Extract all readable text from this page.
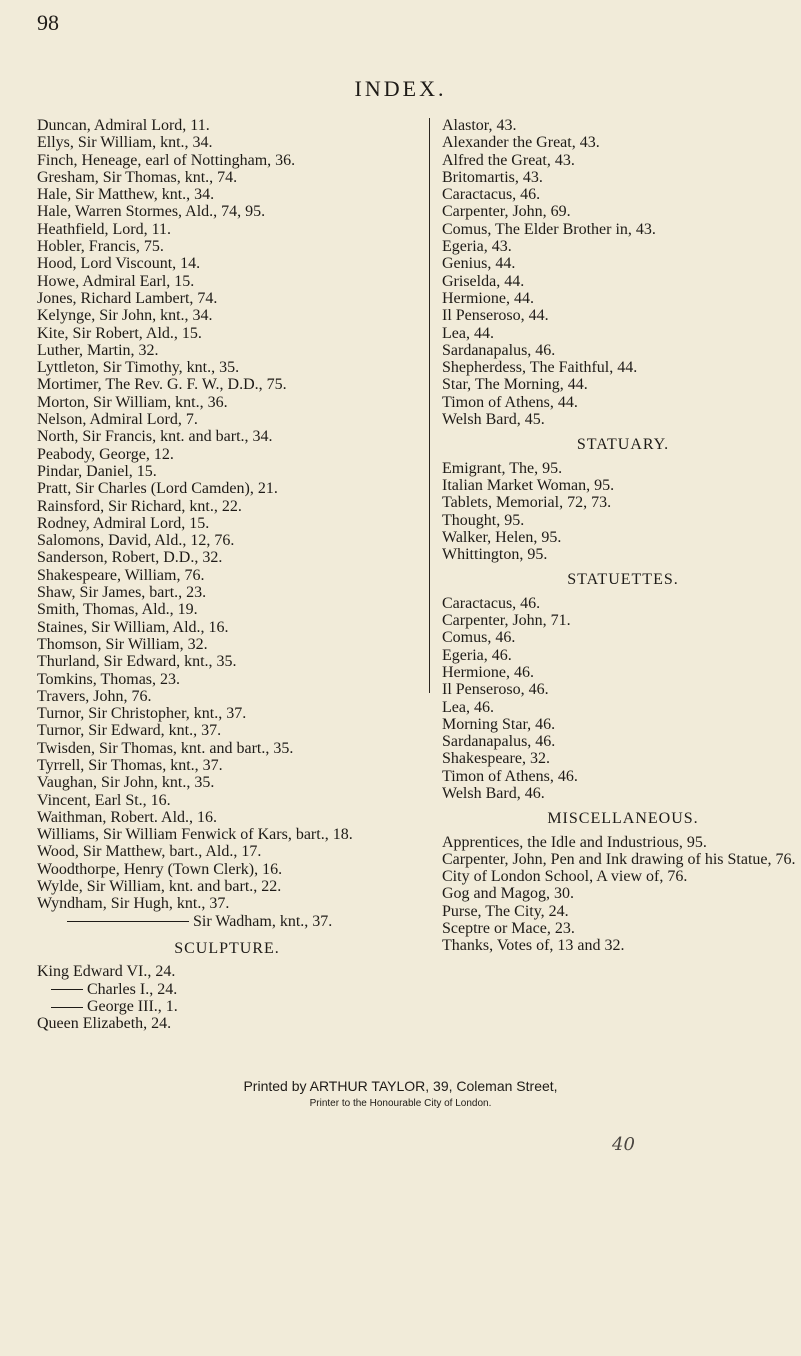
98
INDEX.
Duncan, Admiral Lord, 11.
Ellys, Sir William, knt., 34.
Finch, Heneage, earl of Nottingham, 36.
Gresham, Sir Thomas, knt., 74.
Hale, Sir Matthew, knt., 34.
Hale, Warren Stormes, Ald., 74, 95.
Heathfield, Lord, 11.
Hobler, Francis, 75.
Hood, Lord Viscount, 14.
Howe, Admiral Earl, 15.
Jones, Richard Lambert, 74.
Kelynge, Sir John, knt., 34.
Kite, Sir Robert, Ald., 15.
Luther, Martin, 32.
Lyttleton, Sir Timothy, knt., 35.
Mortimer, The Rev. G. F. W., D.D., 75.
Morton, Sir William, knt., 36.
Nelson, Admiral Lord, 7.
North, Sir Francis, knt. and bart., 34.
Peabody, George, 12.
Pindar, Daniel, 15.
Pratt, Sir Charles (Lord Camden), 21.
Rainsford, Sir Richard, knt., 22.
Rodney, Admiral Lord, 15.
Salomons, David, Ald., 12, 76.
Sanderson, Robert, D.D., 32.
Shakespeare, William, 76.
Shaw, Sir James, bart., 23.
Smith, Thomas, Ald., 19.
Staines, Sir William, Ald., 16.
Thomson, Sir William, 32.
Thurland, Sir Edward, knt., 35.
Tomkins, Thomas, 23.
Travers, John, 76.
Turnor, Sir Christopher, knt., 37.
Turnor, Sir Edward, knt., 37.
Twisden, Sir Thomas, knt. and bart., 35.
Tyrrell, Sir Thomas, knt., 37.
Vaughan, Sir John, knt., 35.
Vincent, Earl St., 16.
Waithman, Robert. Ald., 16.
Williams, Sir William Fenwick of Kars, bart., 18.
Wood, Sir Matthew, bart., Ald., 17.
Woodthorpe, Henry (Town Clerk), 16.
Wylde, Sir William, knt. and bart., 22.
Wyndham, Sir Hugh, knt., 37.
Sir Wadham, knt., 37.
SCULPTURE.
King Edward VI., 24.
Charles I., 24.
George III., 1.
Queen Elizabeth, 24.
Alastor, 43.
Alexander the Great, 43.
Alfred the Great, 43.
Britomartis, 43.
Caractacus, 46.
Carpenter, John, 69.
Comus, The Elder Brother in, 43.
Egeria, 43.
Genius, 44.
Griselda, 44.
Hermione, 44.
Il Penseroso, 44.
Lea, 44.
Sardanapalus, 46.
Shepherdess, The Faithful, 44.
Star, The Morning, 44.
Timon of Athens, 44.
Welsh Bard, 45.
STATUARY.
Emigrant, The, 95.
Italian Market Woman, 95.
Tablets, Memorial, 72, 73.
Thought, 95.
Walker, Helen, 95.
Whittington, 95.
STATUETTES.
Caractacus, 46.
Carpenter, John, 71.
Comus, 46.
Egeria, 46.
Hermione, 46.
Il Penseroso, 46.
Lea, 46.
Morning Star, 46.
Sardanapalus, 46.
Shakespeare, 32.
Timon of Athens, 46.
Welsh Bard, 46.
MISCELLANEOUS.
Apprentices, the Idle and Industrious, 95.
Carpenter, John, Pen and Ink drawing of his Statue, 76.
City of London School, A view of, 76.
Gog and Magog, 30.
Purse, The City, 24.
Sceptre or Mace, 23.
Thanks, Votes of, 13 and 32.
Printed by ARTHUR TAYLOR, 39, Coleman Street,
Printer to the Honourable City of London.
40
